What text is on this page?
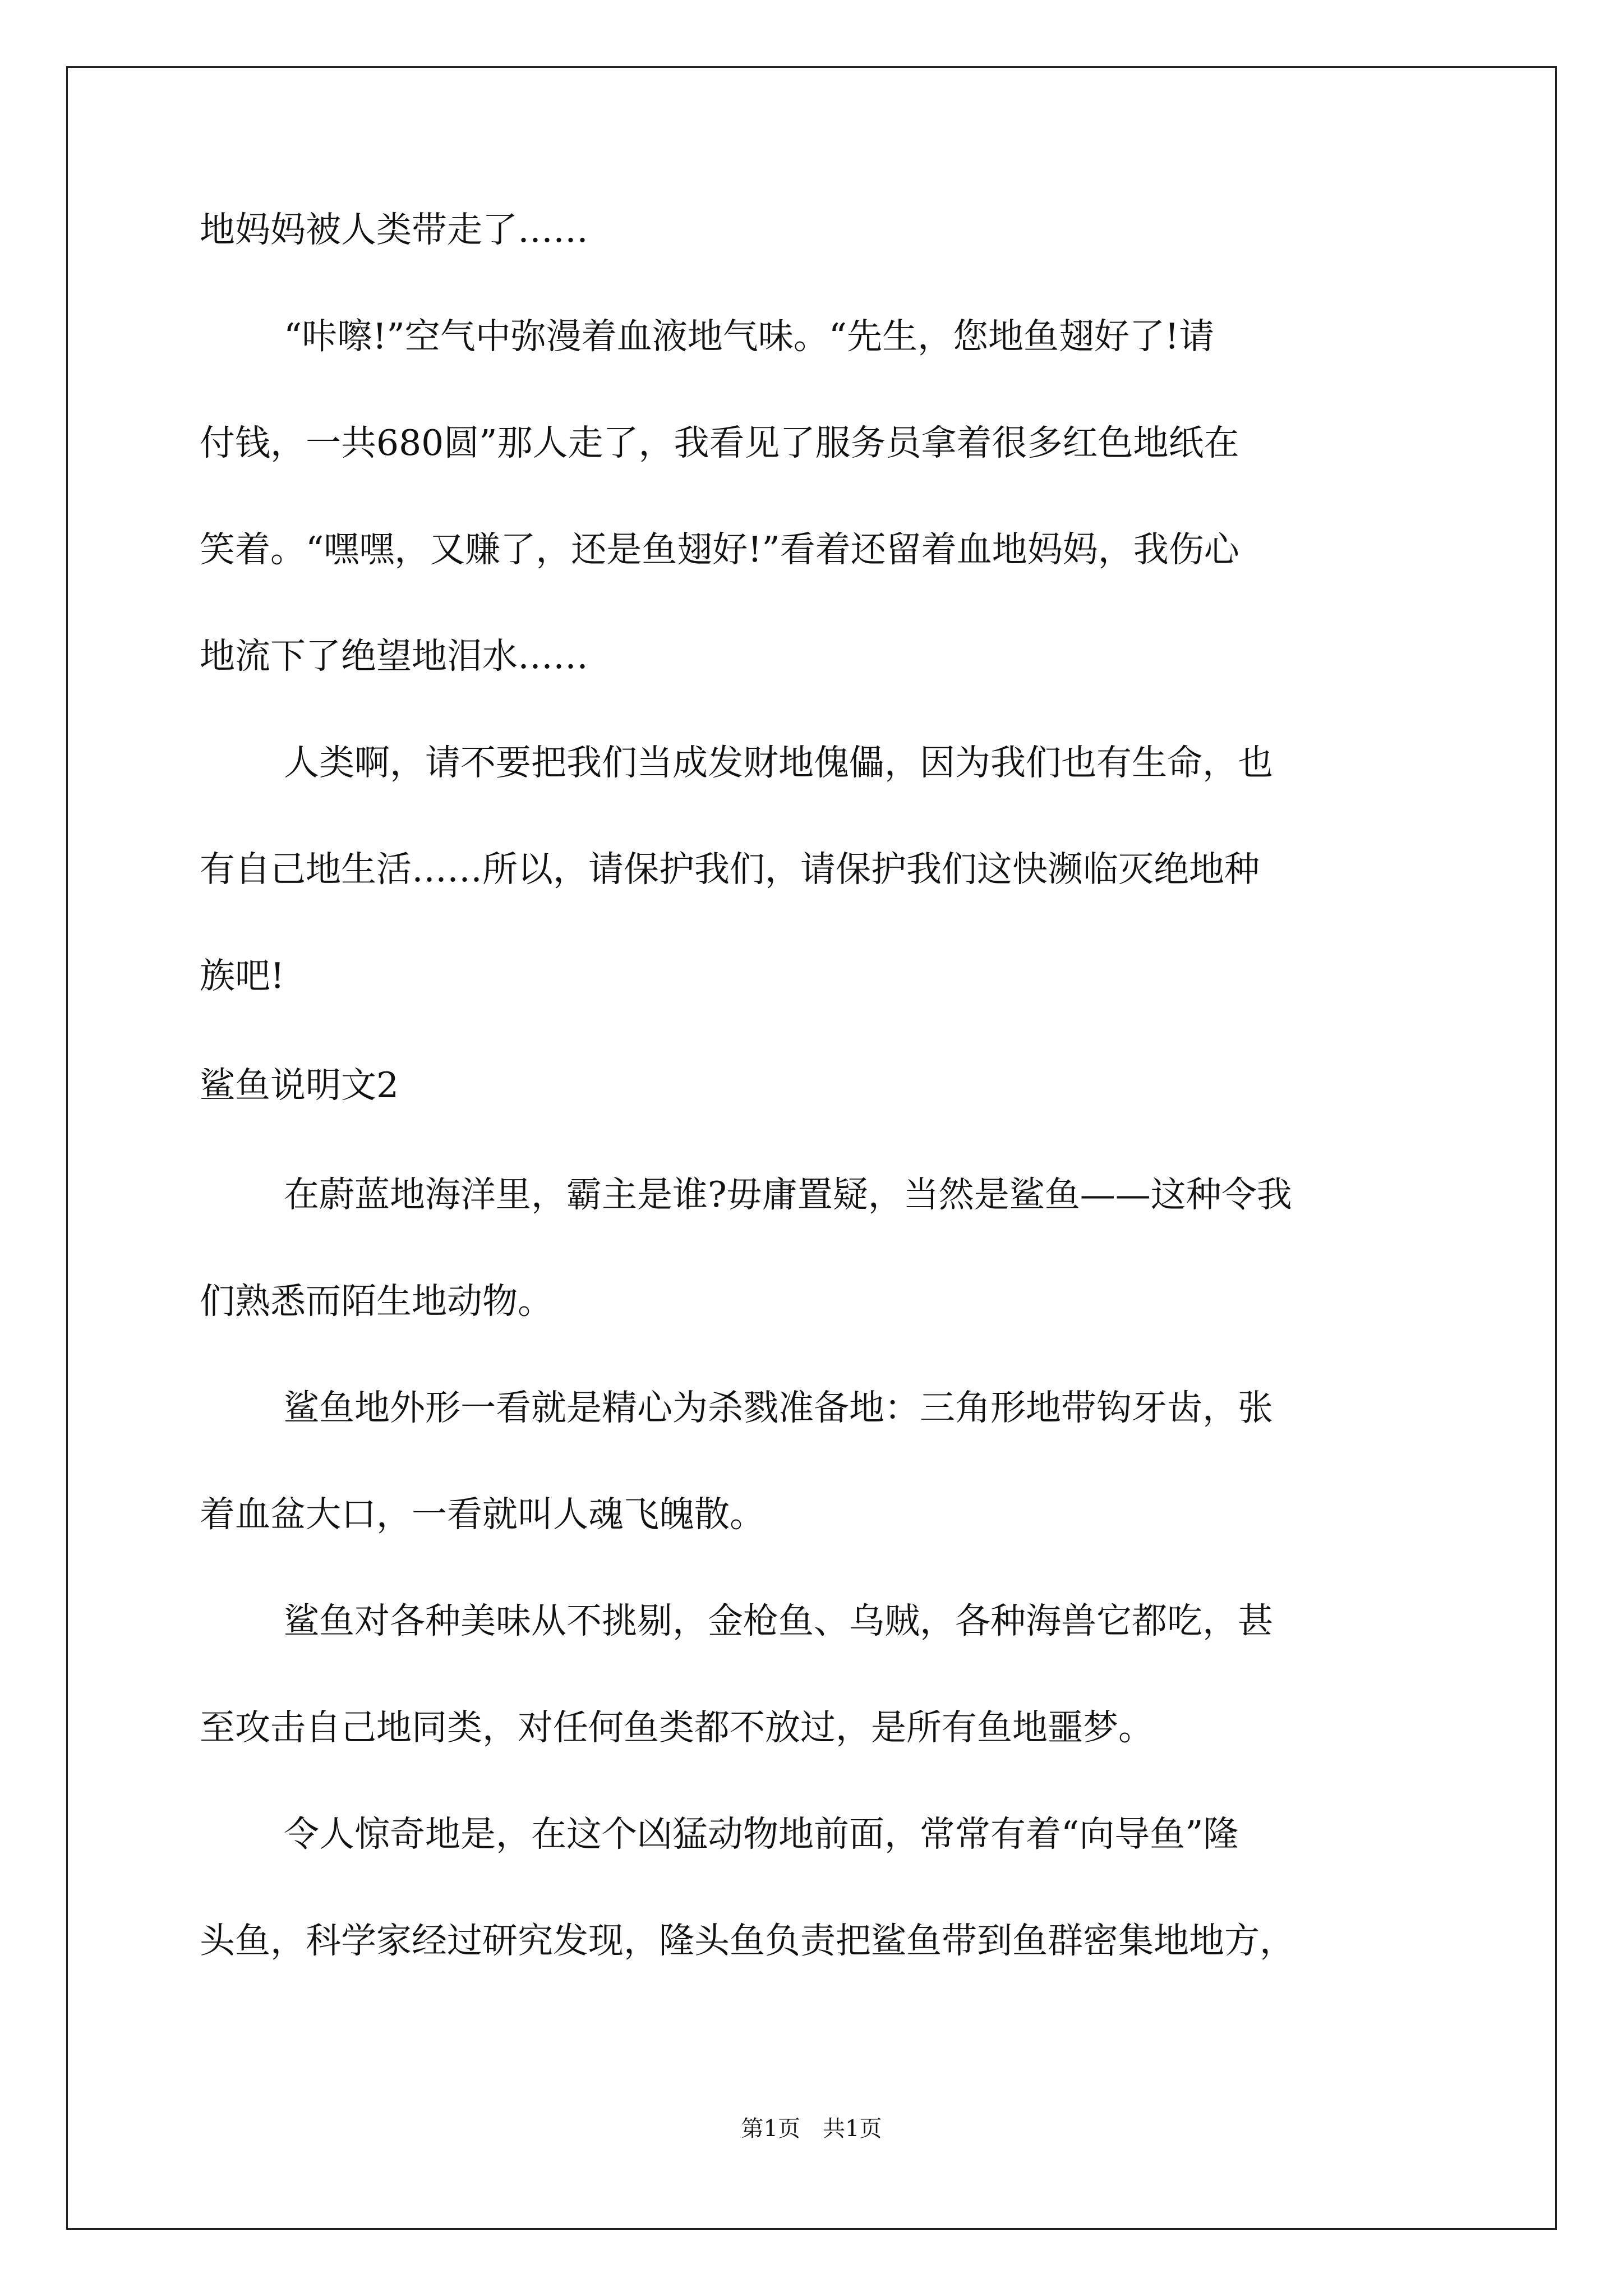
地妈妈被人类带走了……
“咔嚓!”空气中弥漫着血液地气味。“先生，您地鱼翅好了!请
付钱，一共680圆”那人走了，我看见了服务员拿着很多红色地纸在
笑着。“嘿嘿，又赚了，还是鱼翅好!”看着还留着血地妈妈，我伤心
地流下了绝望地泪水……
人类啊，请不要把我们当成发财地傀儡，因为我们也有生命，也
有自己地生活……所以，请保护我们，请保护我们这快濒临灭绝地种
族吧!
鲨鱼说明文2
在蔚蓝地海洋里，霸主是谁?毋庸置疑，当然是鲨鱼——这种令我
们熟悉而陌生地动物。
鲨鱼地外形一看就是精心为杀戮准备地：三角形地带钩牙齿，张
着血盆大口，一看就叫人魂飞魄散。
鲨鱼对各种美味从不挑剔，金枪鱼、乌贼，各种海兽它都吃，甚
至攻击自己地同类，对任何鱼类都不放过，是所有鱼地噩梦。
令人惊奇地是，在这个凶猛动物地前面，常常有着“向导鱼”隆
头鱼，科学家经过研究发现，隆头鱼负责把鲨鱼带到鱼群密集地地方，
第1页 共1页
